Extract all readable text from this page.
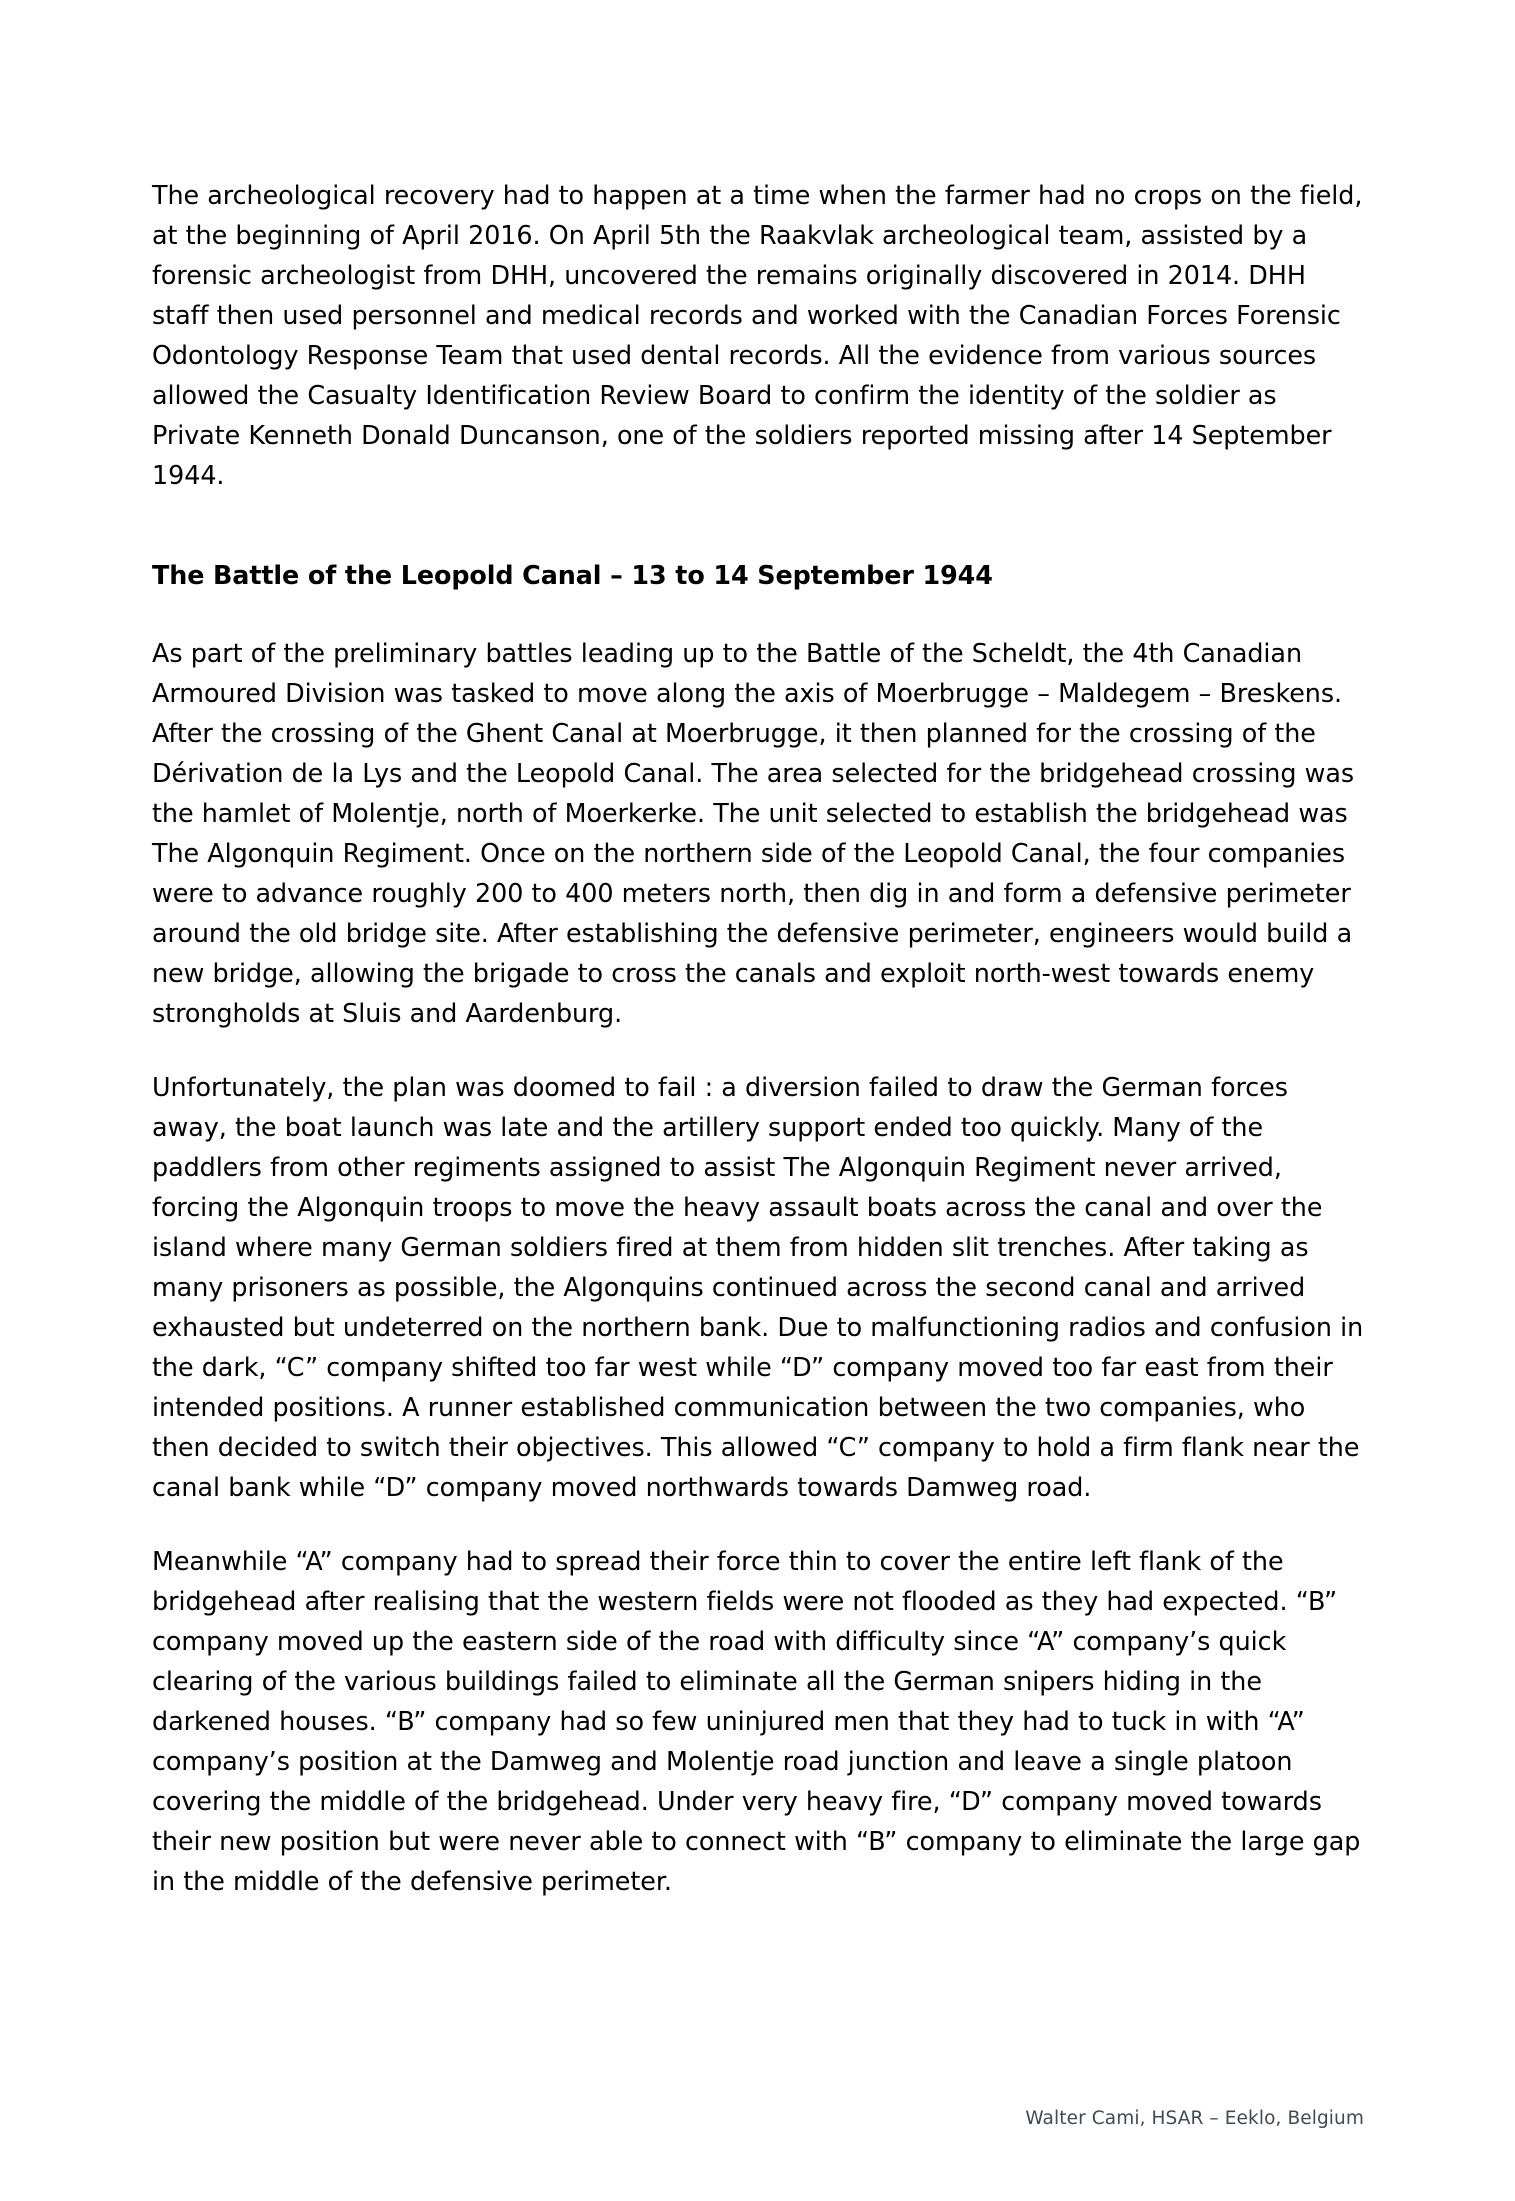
The archeological recovery had to happen at a time when the farmer had no crops on the field, at the beginning of April 2016. On April 5th the Raakvlak archeological team, assisted by a forensic archeologist from DHH, uncovered the remains originally discovered in 2014. DHH staff then used personnel and medical records and worked with the Canadian Forces Forensic Odontology Response Team that used dental records. All the evidence from various sources allowed the Casualty Identification Review Board to confirm the identity of the soldier as Private Kenneth Donald Duncanson, one of the soldiers reported missing after 14 September 1944.

The Battle of the Leopold Canal – 13 to 14 September 1944

As part of the preliminary battles leading up to the Battle of the Scheldt, the 4th Canadian Armoured Division was tasked to move along the axis of Moerbrugge – Maldegem – Breskens. After the crossing of the Ghent Canal at Moerbrugge, it then planned for the crossing of the Dérivation de la Lys and the Leopold Canal. The area selected for the bridgehead crossing was the hamlet of Molentje, north of Moerkerke. The unit selected to establish the bridgehead was The Algonquin Regiment. Once on the northern side of the Leopold Canal, the four companies were to advance roughly 200 to 400 meters north, then dig in and form a defensive perimeter around the old bridge site. After establishing the defensive perimeter, engineers would build a new bridge, allowing the brigade to cross the canals and exploit north-west towards enemy strongholds at Sluis and Aardenburg.

Unfortunately, the plan was doomed to fail : a diversion failed to draw the German forces away, the boat launch was late and the artillery support ended too quickly. Many of the paddlers from other regiments assigned to assist The Algonquin Regiment never arrived, forcing the Algonquin troops to move the heavy assault boats across the canal and over the island where many German soldiers fired at them from hidden slit trenches. After taking as many prisoners as possible, the Algonquins continued across the second canal and arrived exhausted but undeterred on the northern bank. Due to malfunctioning radios and confusion in the dark, “C” company shifted too far west while “D” company moved too far east from their intended positions. A runner established communication between the two companies, who then decided to switch their objectives. This allowed “C” company to hold a firm flank near the canal bank while “D” company moved northwards towards Damweg road.

Meanwhile “A” company had to spread their force thin to cover the entire left flank of the bridgehead after realising that the western fields were not flooded as they had expected. “B” company moved up the eastern side of the road with difficulty since “A” company’s quick clearing of the various buildings failed to eliminate all the German snipers hiding in the darkened houses. “B” company had so few uninjured men that they had to tuck in with “A” company’s position at the Damweg and Molentje road junction and leave a single platoon covering the middle of the bridgehead. Under very heavy fire, “D” company moved towards their new position but were never able to connect with “B” company to eliminate the large gap in the middle of the defensive perimeter.

Walter Cami, HSAR – Eeklo, Belgium
